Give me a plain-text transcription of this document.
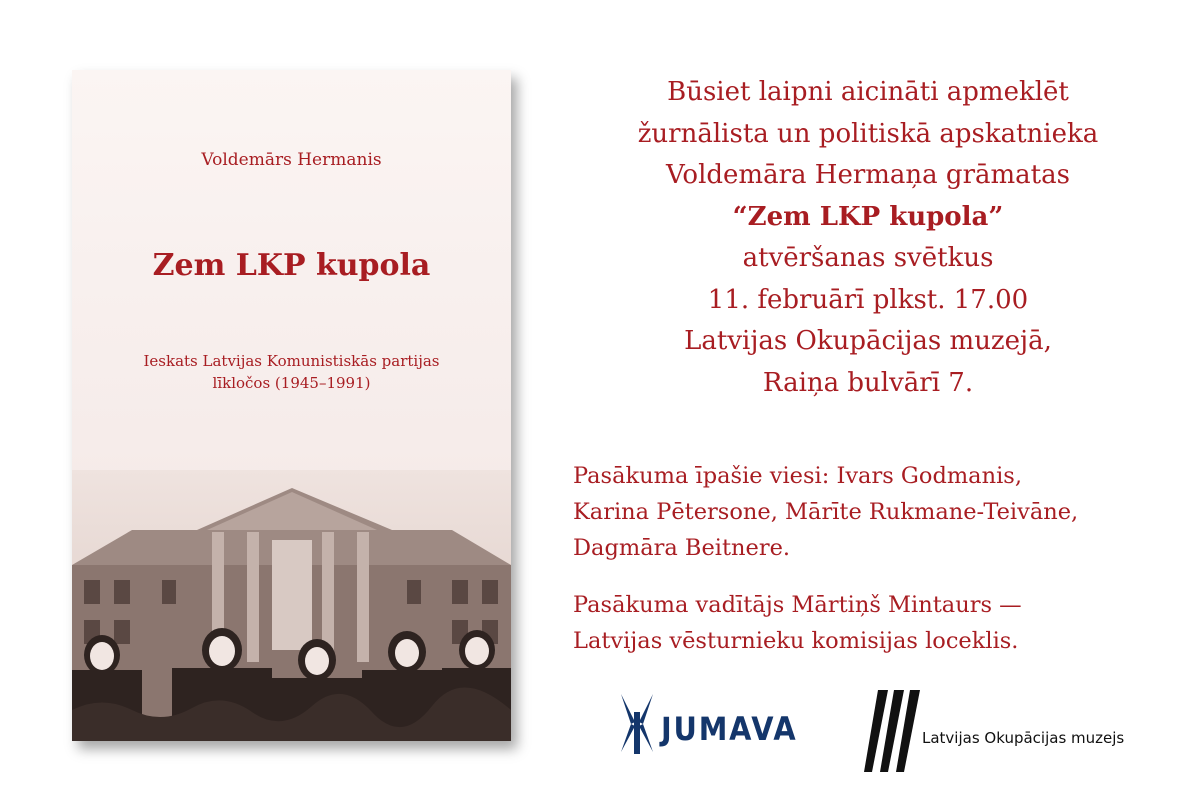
Voldemārs Hermanis
Zem LKP kupola
Ieskats Latvijas Komunistiskās partijas
līkločos (1945–1991)
Būsiet laipni aicināti apmeklēt
žurnālista un politiskā apskatnieka
Voldemāra Hermaņa grāmatas
“Zem LKP kupola”
atvēršanas svētkus
11. februārī plkst. 17.00
Latvijas Okupācijas muzejā,
Raiņa bulvārī 7.
Pasākuma īpašie viesi: Ivars Godmanis,
Karina Pētersone, Mārīte Rukmane-Teivāne,
Dagmāra Beitnere.
Pasākuma vadītājs Mārtiņš Mintaurs —
Latvijas vēsturnieku komisijas loceklis.
JUMAVA	Latvijas Okupācijas muzejs
